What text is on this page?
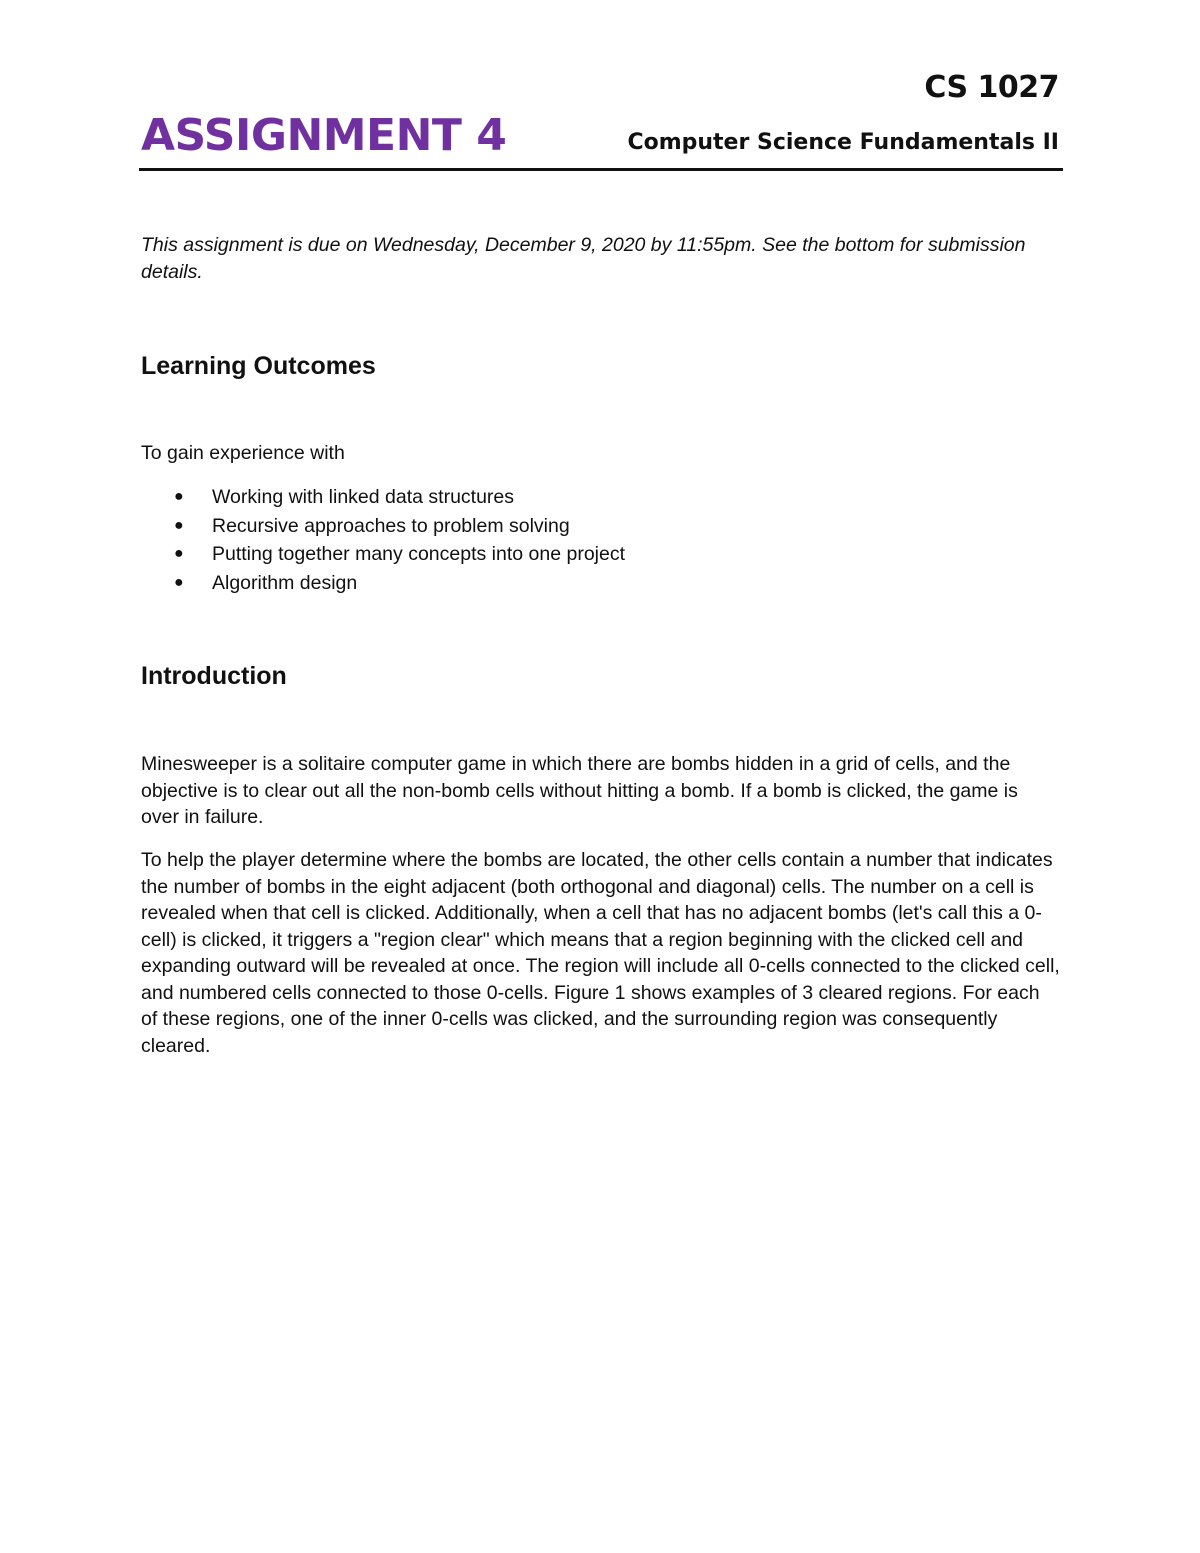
CS 1027
ASSIGNMENT 4	Computer Science Fundamentals II
This assignment is due on Wednesday, December 9, 2020 by 11:55pm. See the bottom for submission details.
Learning Outcomes
To gain experience with
● Working with linked data structures
● Recursive approaches to problem solving
● Putting together many concepts into one project
● Algorithm design
Introduction
Minesweeper is a solitaire computer game in which there are bombs hidden in a grid of cells, and the objective is to clear out all the non-bomb cells without hitting a bomb. If a bomb is clicked, the game is over in failure.
To help the player determine where the bombs are located, the other cells contain a number that indicates the number of bombs in the eight adjacent (both orthogonal and diagonal) cells. The number on a cell is revealed when that cell is clicked. Additionally, when a cell that has no adjacent bombs (let's call this a 0-cell) is clicked, it triggers a "region clear" which means that a region beginning with the clicked cell and expanding outward will be revealed at once. The region will include all 0-cells connected to the clicked cell, and numbered cells connected to those 0-cells. Figure 1 shows examples of 3 cleared regions. For each of these regions, one of the inner 0-cells was clicked, and the surrounding region was consequently cleared.
